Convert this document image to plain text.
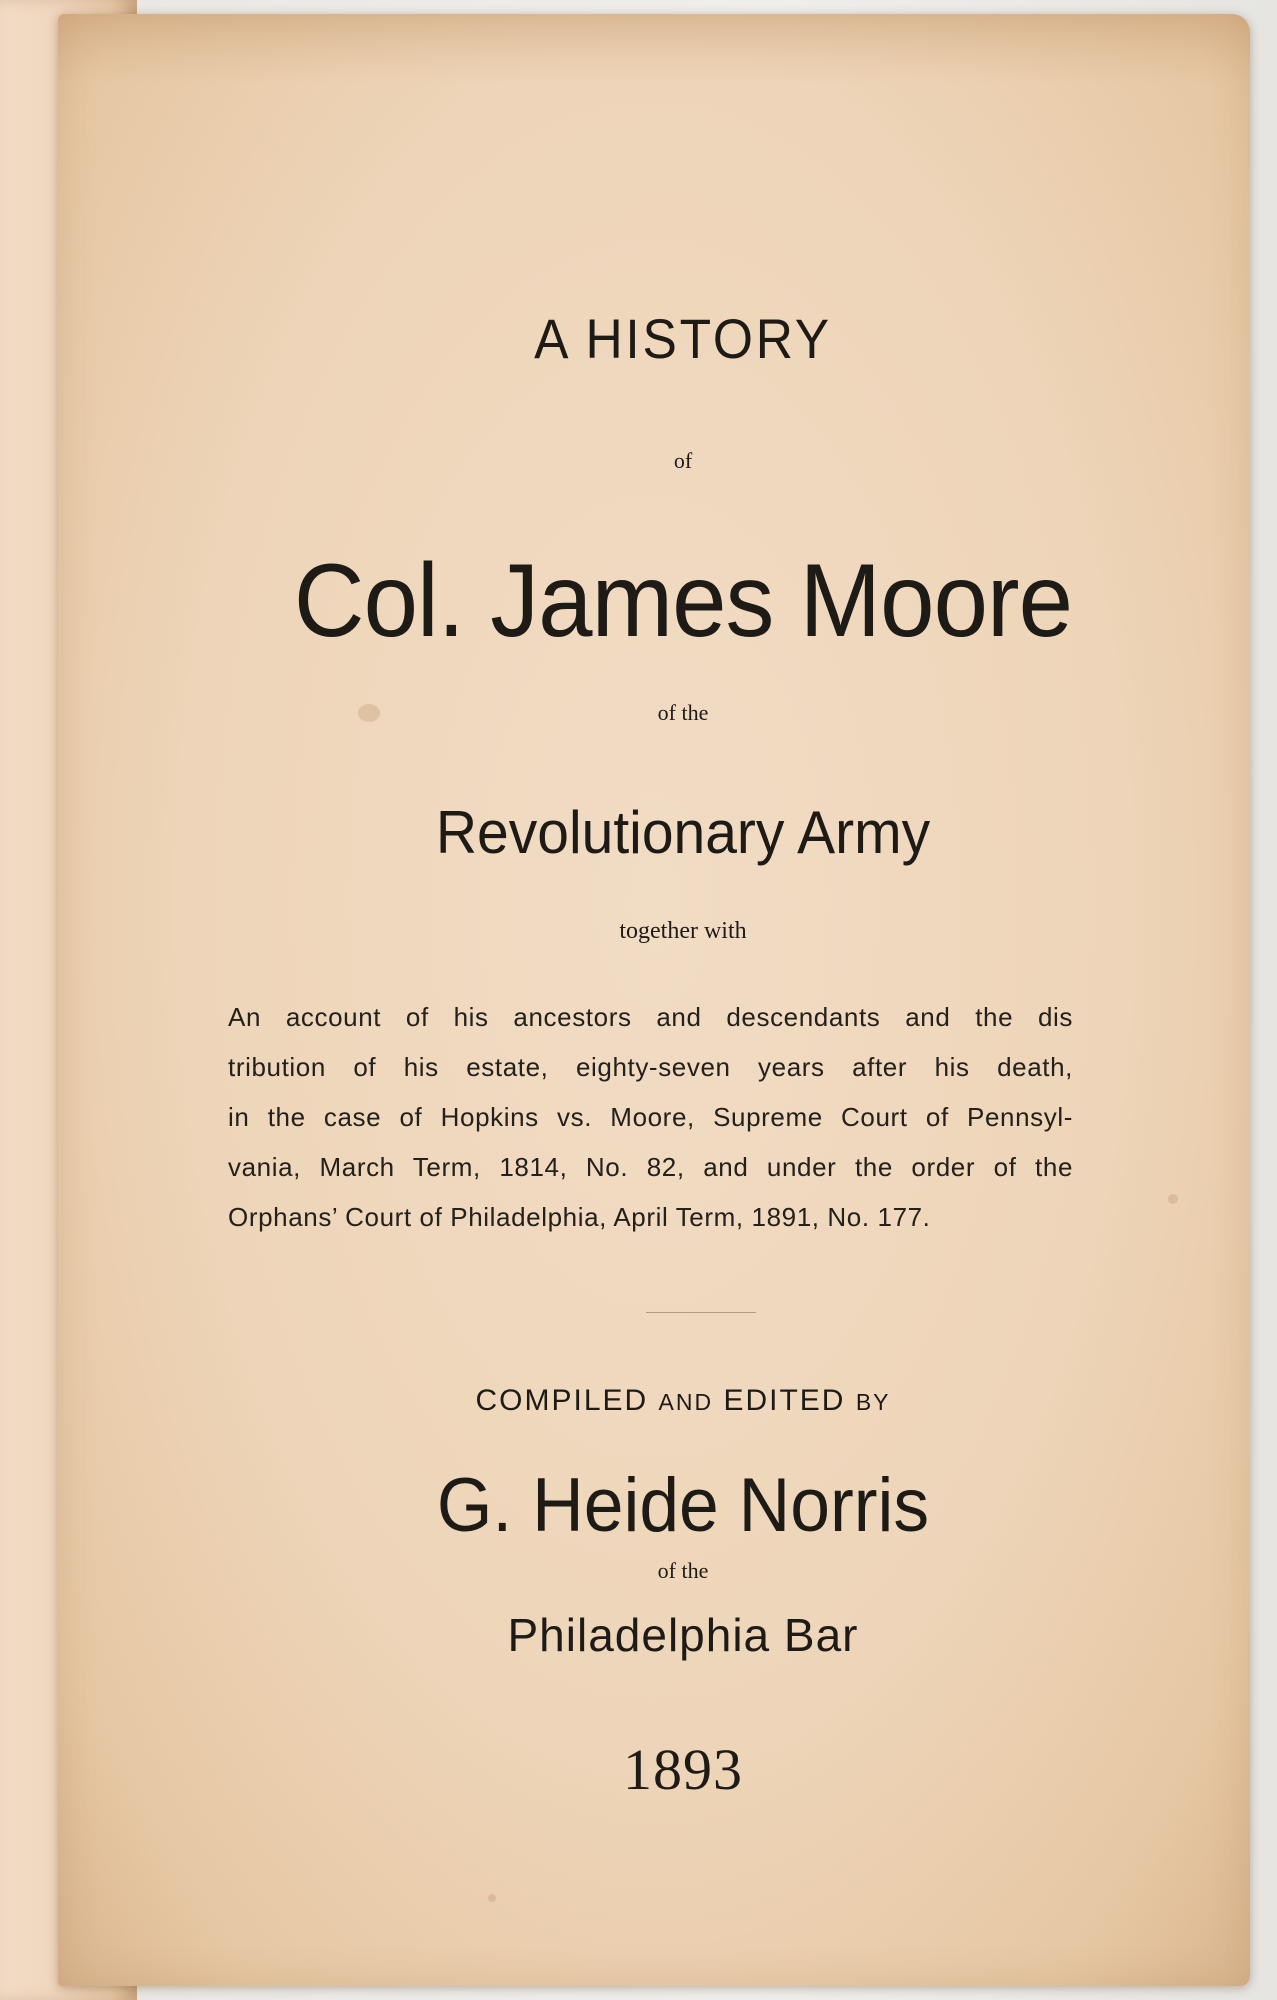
A HISTORY
of
Col. James Moore
of the
Revolutionary Army
together with
An account of his ancestors and descendants and the dis
tribution of his estate, eighty-seven years after his death,
in the case of Hopkins vs. Moore, Supreme Court of Pennsyl-
vania, March Term, 1814, No. 82, and under the order of the
Orphans’ Court of Philadelphia, April Term, 1891, No. 177.
COMPILED AND EDITED BY
G. Heide Norris
of the
Philadelphia Bar
1893
